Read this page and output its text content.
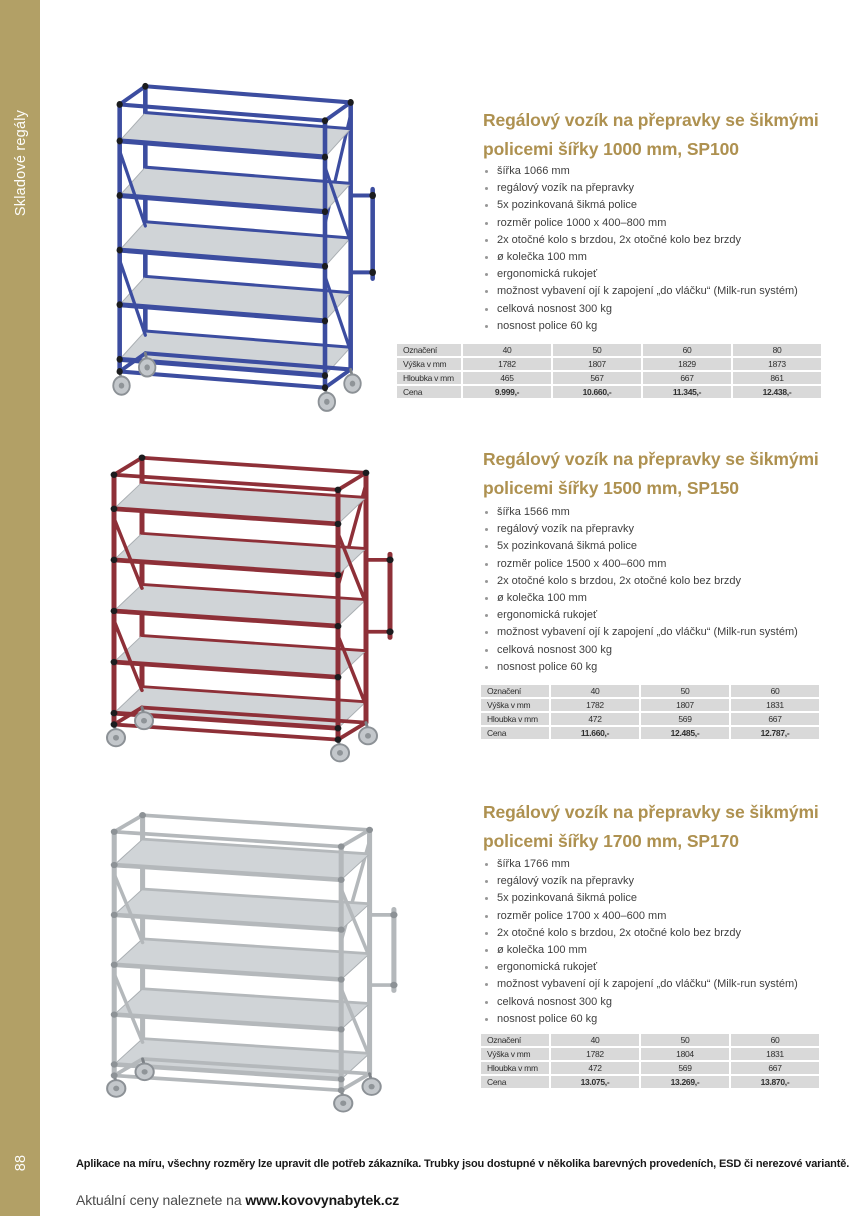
Skladové regály
88
Regálový vozík na přepravky se šikmými
policemi šířky 1000 mm, SP100
šířka 1066 mm
regálový vozík na přepravky
5x pozinkovaná šikmá police
rozměr police 1000 x 400–800 mm
2x otočné kolo s brzdou, 2x otočné kolo bez brzdy
ø kolečka 100 mm
ergonomická rukojeť
možnost vybavení ojí k zapojení „do vláčku“ (Milk-run systém)
celková nosnost 300 kg
nosnost police 60 kg
Označení	40	50	60	80
Výška v mm	1782	1807	1829	1873
Hloubka v mm	465	567	667	861
Cena	9.999,-	10.660,-	11.345,-	12.438,-
Regálový vozík na přepravky se šikmými
policemi šířky 1500 mm, SP150
šířka 1566 mm
regálový vozík na přepravky
5x pozinkovaná šikmá police
rozměr police 1500 x 400–600 mm
2x otočné kolo s brzdou, 2x otočné kolo bez brzdy
ø kolečka 100 mm
ergonomická rukojeť
možnost vybavení ojí k zapojení „do vláčku“ (Milk-run systém)
celková nosnost 300 kg
nosnost police 60 kg
Označení	40	50	60
Výška v mm	1782	1807	1831
Hloubka v mm	472	569	667
Cena	11.660,-	12.485,-	12.787,-
Regálový vozík na přepravky se šikmými
policemi šířky 1700 mm, SP170
šířka 1766 mm
regálový vozík na přepravky
5x pozinkovaná šikmá police
rozměr police 1700 x 400–600 mm
2x otočné kolo s brzdou, 2x otočné kolo bez brzdy
ø kolečka 100 mm
ergonomická rukojeť
možnost vybavení ojí k zapojení „do vláčku“ (Milk-run systém)
celková nosnost 300 kg
nosnost police 60 kg
Označení	40	50	60
Výška v mm	1782	1804	1831
Hloubka v mm	472	569	667
Cena	13.075,-	13.269,-	13.870,-

Aplikace na míru, všechny rozměry lze upravit dle potřeb zákazníka. Trubky jsou dostupné v několika barevných provedeních, ESD či nerezové variantě.

Aktuální ceny naleznete na www.kovovynabytek.cz
